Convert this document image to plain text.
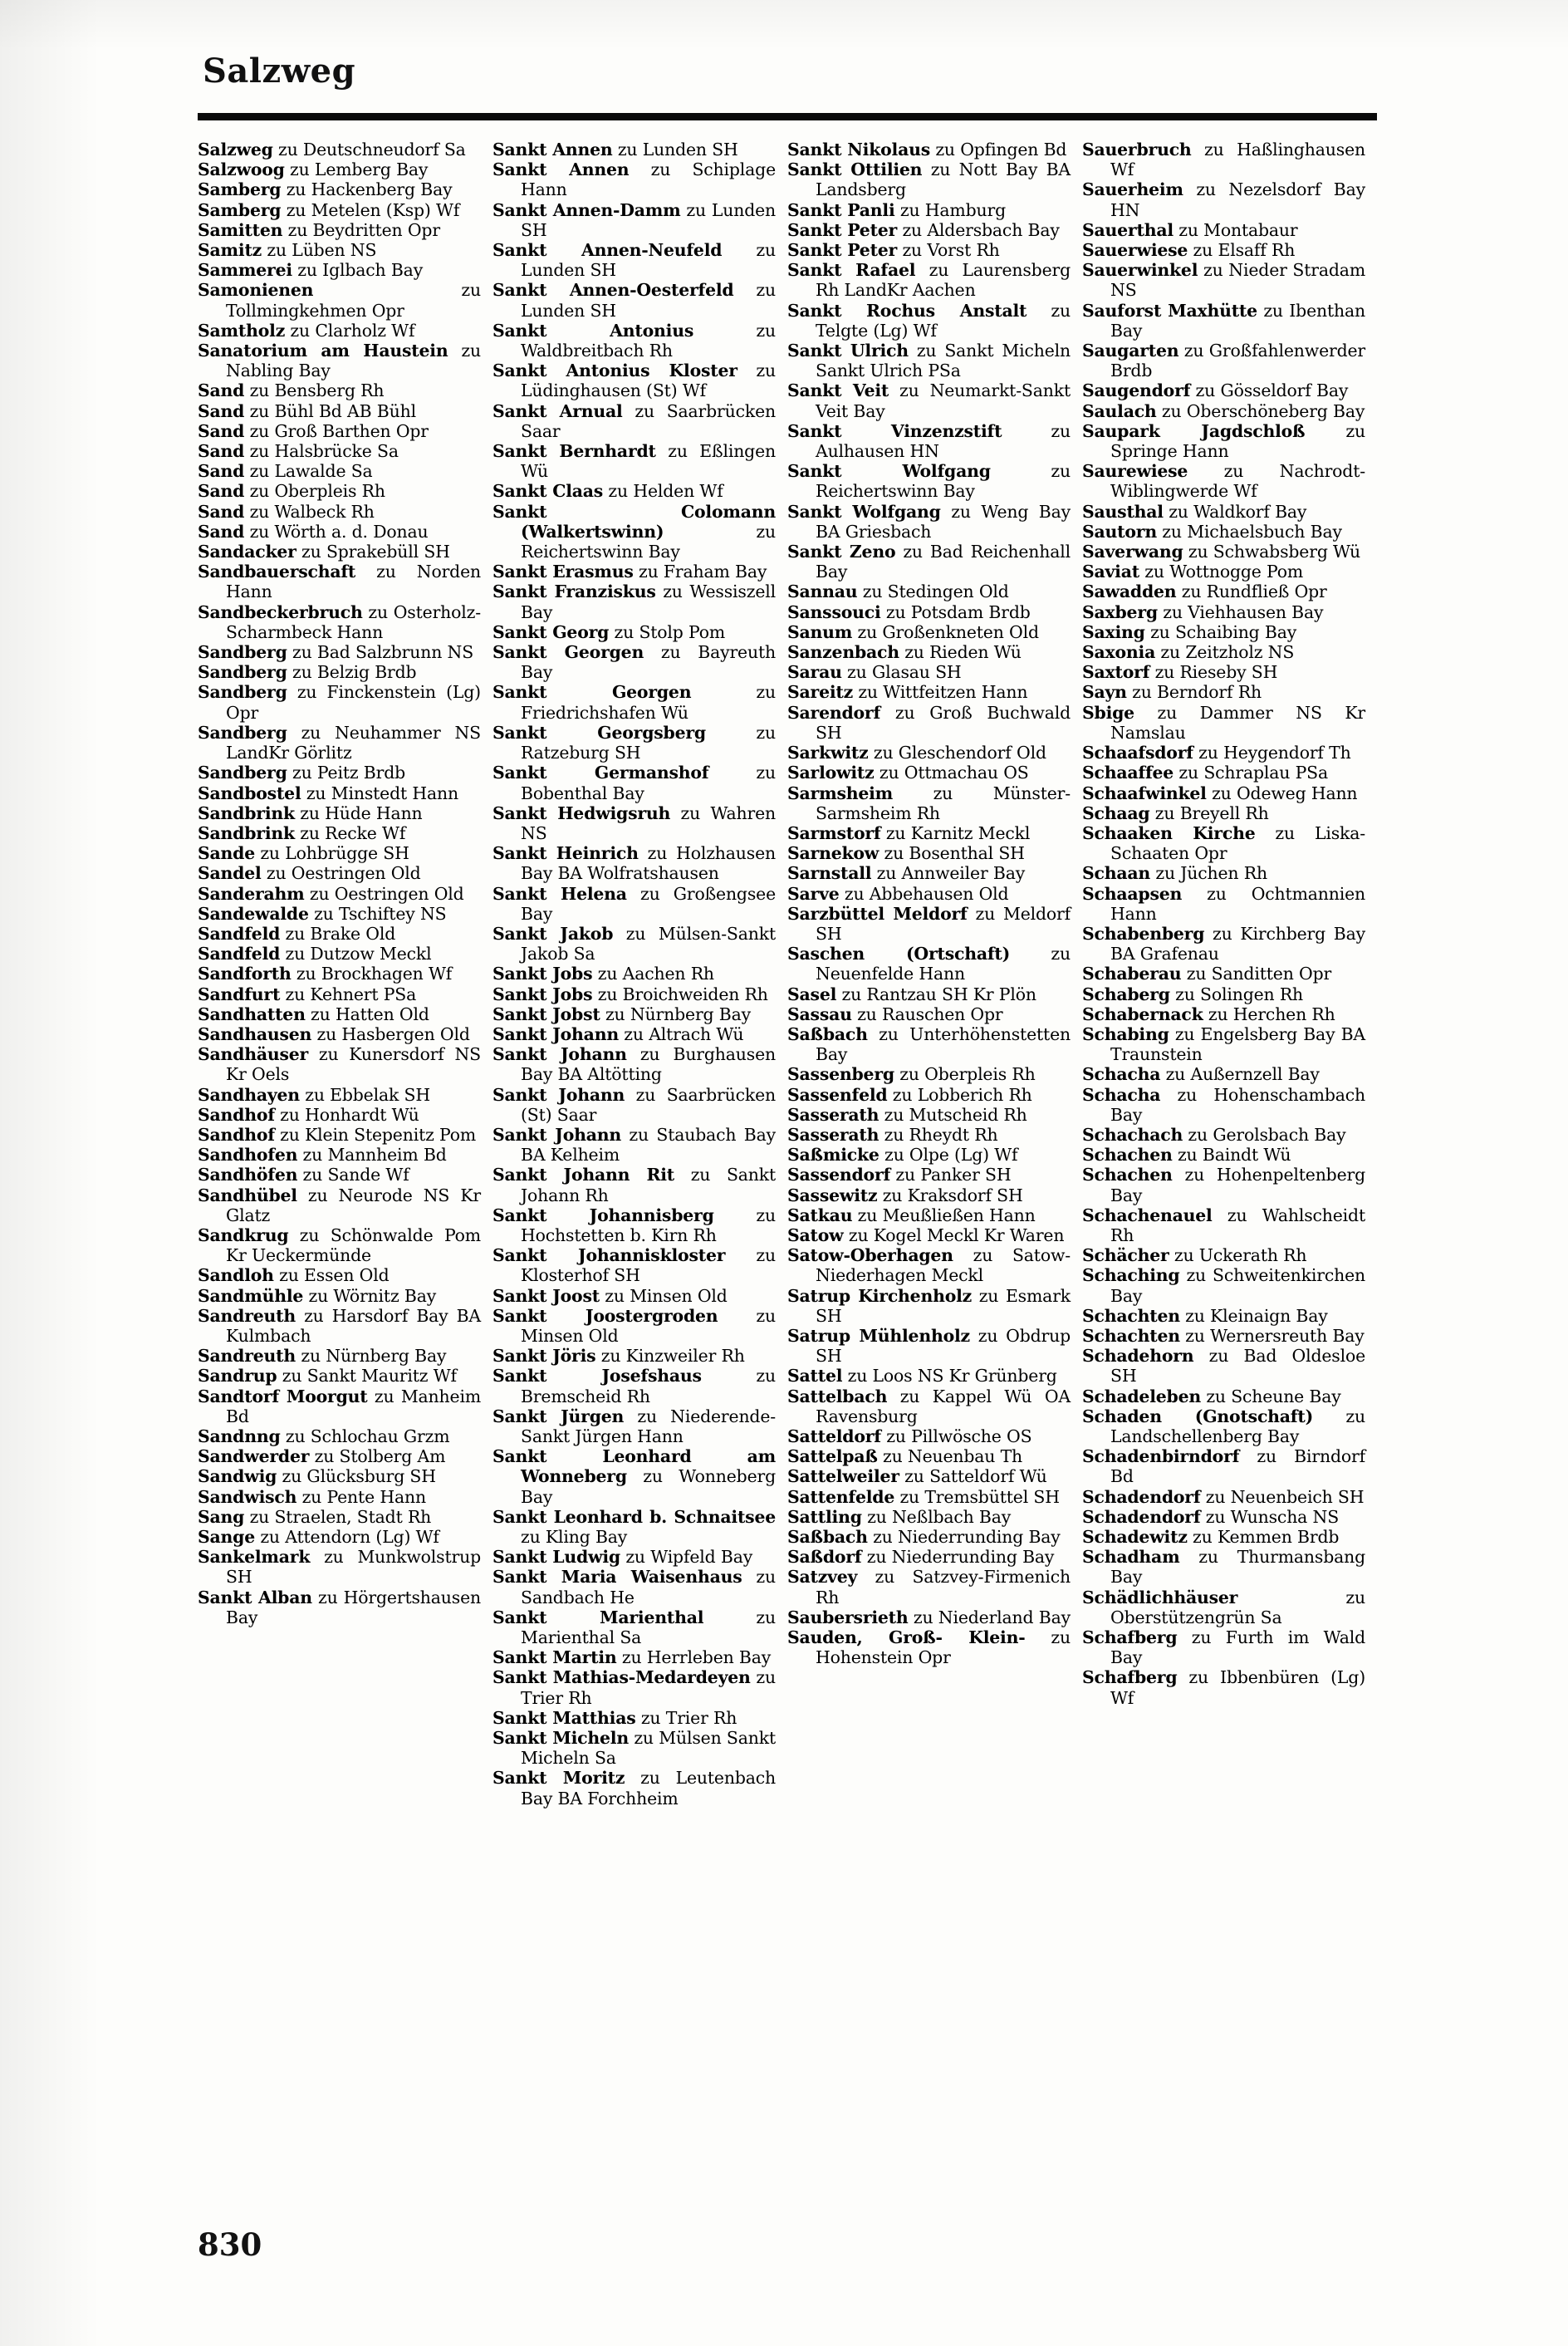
Salzweg

Salzweg zu Deutschneudorf Sa

Salzwoog zu Lemberg Bay

Samberg zu Hackenberg Bay

Samberg zu Metelen (Ksp) Wf

Samitten zu Beydritten Opr

Samitz zu Lüben NS

Sammerei zu Iglbach Bay

Samonienen zu Tollmingkehmen Opr

Samtholz zu Clarholz Wf

Sanatorium am Haustein zu Nabling Bay

Sand zu Bensberg Rh

Sand zu Bühl Bd AB Bühl

Sand zu Groß Barthen Opr

Sand zu Halsbrücke Sa

Sand zu Lawalde Sa

Sand zu Oberpleis Rh

Sand zu Walbeck Rh

Sand zu Wörth a. d. Donau

Sandacker zu Sprakebüll SH

Sandbauerschaft zu Norden Hann

Sandbeckerbruch zu Osterholz-Scharmbeck Hann

Sandberg zu Bad Salzbrunn NS

Sandberg zu Belzig Brdb

Sandberg zu Finckenstein (Lg) Opr

Sandberg zu Neuhammer NS LandKr Görlitz

Sandberg zu Peitz Brdb

Sandbostel zu Minstedt Hann

Sandbrink zu Hüde Hann

Sandbrink zu Recke Wf

Sande zu Lohbrügge SH

Sandel zu Oestringen Old

Sanderahm zu Oestringen Old

Sandewalde zu Tschiftey NS

Sandfeld zu Brake Old

Sandfeld zu Dutzow Meckl

Sandforth zu Brockhagen Wf

Sandfurt zu Kehnert PSa

Sandhatten zu Hatten Old

Sandhausen zu Hasbergen Old

Sandhäuser zu Kunersdorf NS Kr Oels

Sandhayen zu Ebbelak SH

Sandhof zu Honhardt Wü

Sandhof zu Klein Stepenitz Pom

Sandhofen zu Mannheim Bd

Sandhöfen zu Sande Wf

Sandhübel zu Neurode NS Kr Glatz

Sandkrug zu Schönwalde Pom Kr Ueckermünde

Sandloh zu Essen Old

Sandmühle zu Wörnitz Bay

Sandreuth zu Harsdorf Bay BA Kulmbach

Sandreuth zu Nürnberg Bay

Sandrup zu Sankt Mauritz Wf

Sandtorf Moorgut zu Manheim Bd

Sandnng zu Schlochau Grzm

Sandwerder zu Stolberg Am

Sandwig zu Glücksburg SH

Sandwisch zu Pente Hann

Sang zu Straelen, Stadt Rh

Sange zu Attendorn (Lg) Wf

Sankelmark zu Munkwolstrup SH

Sankt Alban zu Hörgertshausen Bay

Sankt Annen zu Lunden SH

Sankt Annen zu Schiplage Hann

Sankt Annen-Damm zu Lunden SH

Sankt Annen-Neufeld zu Lunden SH

Sankt Annen-Oesterfeld zu Lunden SH

Sankt Antonius zu Waldbreitbach Rh

Sankt Antonius Kloster zu Lüdinghausen (St) Wf

Sankt Arnual zu Saarbrücken Saar

Sankt Bernhardt zu Eßlingen Wü

Sankt Claas zu Helden Wf

Sankt Colomann (Walkertswinn) zu Reichertswinn Bay

Sankt Erasmus zu Fraham Bay

Sankt Franziskus zu Wessiszell Bay

Sankt Georg zu Stolp Pom

Sankt Georgen zu Bayreuth Bay

Sankt Georgen zu Friedrichshafen Wü

Sankt Georgsberg zu Ratzeburg SH

Sankt Germanshof zu Bobenthal Bay

Sankt Hedwigsruh zu Wahren NS

Sankt Heinrich zu Holzhausen Bay BA Wolfratshausen

Sankt Helena zu Großengsee Bay

Sankt Jakob zu Mülsen-Sankt Jakob Sa

Sankt Jobs zu Aachen Rh

Sankt Jobs zu Broichweiden Rh

Sankt Jobst zu Nürnberg Bay

Sankt Johann zu Altrach Wü

Sankt Johann zu Burghausen Bay BA Altötting

Sankt Johann zu Saarbrücken (St) Saar

Sankt Johann zu Staubach Bay BA Kelheim

Sankt Johann Rit zu Sankt Johann Rh

Sankt Johannisberg zu Hochstetten b. Kirn Rh

Sankt Johanniskloster zu Klosterhof SH

Sankt Joost zu Minsen Old

Sankt Joostergroden zu Minsen Old

Sankt Jöris zu Kinzweiler Rh

Sankt Josefshaus zu Bremscheid Rh

Sankt Jürgen zu Niederende-Sankt Jürgen Hann

Sankt Leonhard am Wonneberg zu Wonneberg Bay

Sankt Leonhard b. Schnaitsee zu Kling Bay

Sankt Ludwig zu Wipfeld Bay

Sankt Maria Waisenhaus zu Sandbach He

Sankt Marienthal zu Marienthal Sa

Sankt Martin zu Herrleben Bay

Sankt Mathias-Medardeyen zu Trier Rh

Sankt Matthias zu Trier Rh

Sankt Micheln zu Mülsen Sankt Micheln Sa

Sankt Moritz zu Leutenbach Bay BA Forchheim

Sankt Nikolaus zu Opfingen Bd

Sankt Ottilien zu Nott Bay BA Landsberg

Sankt Panli zu Hamburg

Sankt Peter zu Aldersbach Bay

Sankt Peter zu Vorst Rh

Sankt Rafael zu Laurensberg Rh LandKr Aachen

Sankt Rochus Anstalt zu Telgte (Lg) Wf

Sankt Ulrich zu Sankt Micheln Sankt Ulrich PSa

Sankt Veit zu Neumarkt-Sankt Veit Bay

Sankt Vinzenzstift zu Aulhausen HN

Sankt Wolfgang zu Reichertswinn Bay

Sankt Wolfgang zu Weng Bay BA Griesbach

Sankt Zeno zu Bad Reichenhall Bay

Sannau zu Stedingen Old

Sanssouci zu Potsdam Brdb

Sanum zu Großenkneten Old

Sanzenbach zu Rieden Wü

Sarau zu Glasau SH

Sareitz zu Wittfeitzen Hann

Sarendorf zu Groß Buchwald SH

Sarkwitz zu Gleschendorf Old

Sarlowitz zu Ottmachau OS

Sarmsheim zu Münster-Sarmsheim Rh

Sarmstorf zu Karnitz Meckl

Sarnekow zu Bosenthal SH

Sarnstall zu Annweiler Bay

Sarve zu Abbehausen Old

Sarzbüttel Meldorf zu Meldorf SH

Saschen (Ortschaft) zu Neuenfelde Hann

Sasel zu Rantzau SH Kr Plön

Sassau zu Rauschen Opr

Saßbach zu Unterhöhenstetten Bay

Sassenberg zu Oberpleis Rh

Sassenfeld zu Lobberich Rh

Sasserath zu Mutscheid Rh

Sasserath zu Rheydt Rh

Saßmicke zu Olpe (Lg) Wf

Sassendorf zu Panker SH

Sassewitz zu Kraksdorf SH

Satkau zu Meußließen Hann

Satow zu Kogel Meckl Kr Waren

Satow-Oberhagen zu Satow-Niederhagen Meckl

Satrup Kirchenholz zu Esmark SH

Satrup Mühlenholz zu Obdrup SH

Sattel zu Loos NS Kr Grünberg

Sattelbach zu Kappel Wü OA Ravensburg

Satteldorf zu Pillwösche OS

Sattelpaß zu Neuenbau Th

Sattelweiler zu Satteldorf Wü

Sattenfelde zu Tremsbüttel SH

Sattling zu Neßlbach Bay

Saßbach zu Niederrunding Bay

Saßdorf zu Niederrunding Bay

Satzvey zu Satzvey-Firmenich Rh

Saubersrieth zu Niederland Bay

Sauden, Groß- Klein- zu Hohenstein Opr

Sauerbruch zu Haßlinghausen Wf

Sauerheim zu Nezelsdorf Bay HN

Sauerthal zu Montabaur

Sauerwiese zu Elsaff Rh

Sauerwinkel zu Nieder Stradam NS

Sauforst Maxhütte zu Ibenthan Bay

Saugarten zu Großfahlenwerder Brdb

Saugendorf zu Gösseldorf Bay

Saulach zu Oberschöneberg Bay

Saupark Jagdschloß zu Springe Hann

Saurewiese zu Nachrodt-Wiblingwerde Wf

Sausthal zu Waldkorf Bay

Sautorn zu Michaelsbuch Bay

Saverwang zu Schwabsberg Wü

Saviat zu Wottnogge Pom

Sawadden zu Rundfließ Opr

Saxberg zu Viehhausen Bay

Saxing zu Schaibing Bay

Saxonia zu Zeitzholz NS

Saxtorf zu Rieseby SH

Sayn zu Berndorf Rh

Sbige zu Dammer NS Kr Namslau

Schaafsdorf zu Heygendorf Th

Schaaffee zu Schraplau PSa

Schaafwinkel zu Odeweg Hann

Schaag zu Breyell Rh

Schaaken Kirche zu Liska-Schaaten Opr

Schaan zu Jüchen Rh

Schaapsen zu Ochtmannien Hann

Schabenberg zu Kirchberg Bay BA Grafenau

Schaberau zu Sanditten Opr

Schaberg zu Solingen Rh

Schabernack zu Herchen Rh

Schabing zu Engelsberg Bay BA Traunstein

Schacha zu Außernzell Bay

Schacha zu Hohenschambach Bay

Schachach zu Gerolsbach Bay

Schachen zu Baindt Wü

Schachen zu Hohenpeltenberg Bay

Schachenauel zu Wahlscheidt Rh

Schächer zu Uckerath Rh

Schaching zu Schweitenkirchen Bay

Schachten zu Kleinaign Bay

Schachten zu Wernersreuth Bay

Schadehorn zu Bad Oldesloe SH

Schadeleben zu Scheune Bay

Schaden (Gnotschaft) zu Landschellenberg Bay

Schadenbirndorf zu Birndorf Bd

Schadendorf zu Neuenbeich SH

Schadendorf zu Wunscha NS

Schadewitz zu Kemmen Brdb

Schadham zu Thurmansbang Bay

Schädlichhäuser zu Oberstützengrün Sa

Schafberg zu Furth im Wald Bay

Schafberg zu Ibbenbüren (Lg) Wf

830
